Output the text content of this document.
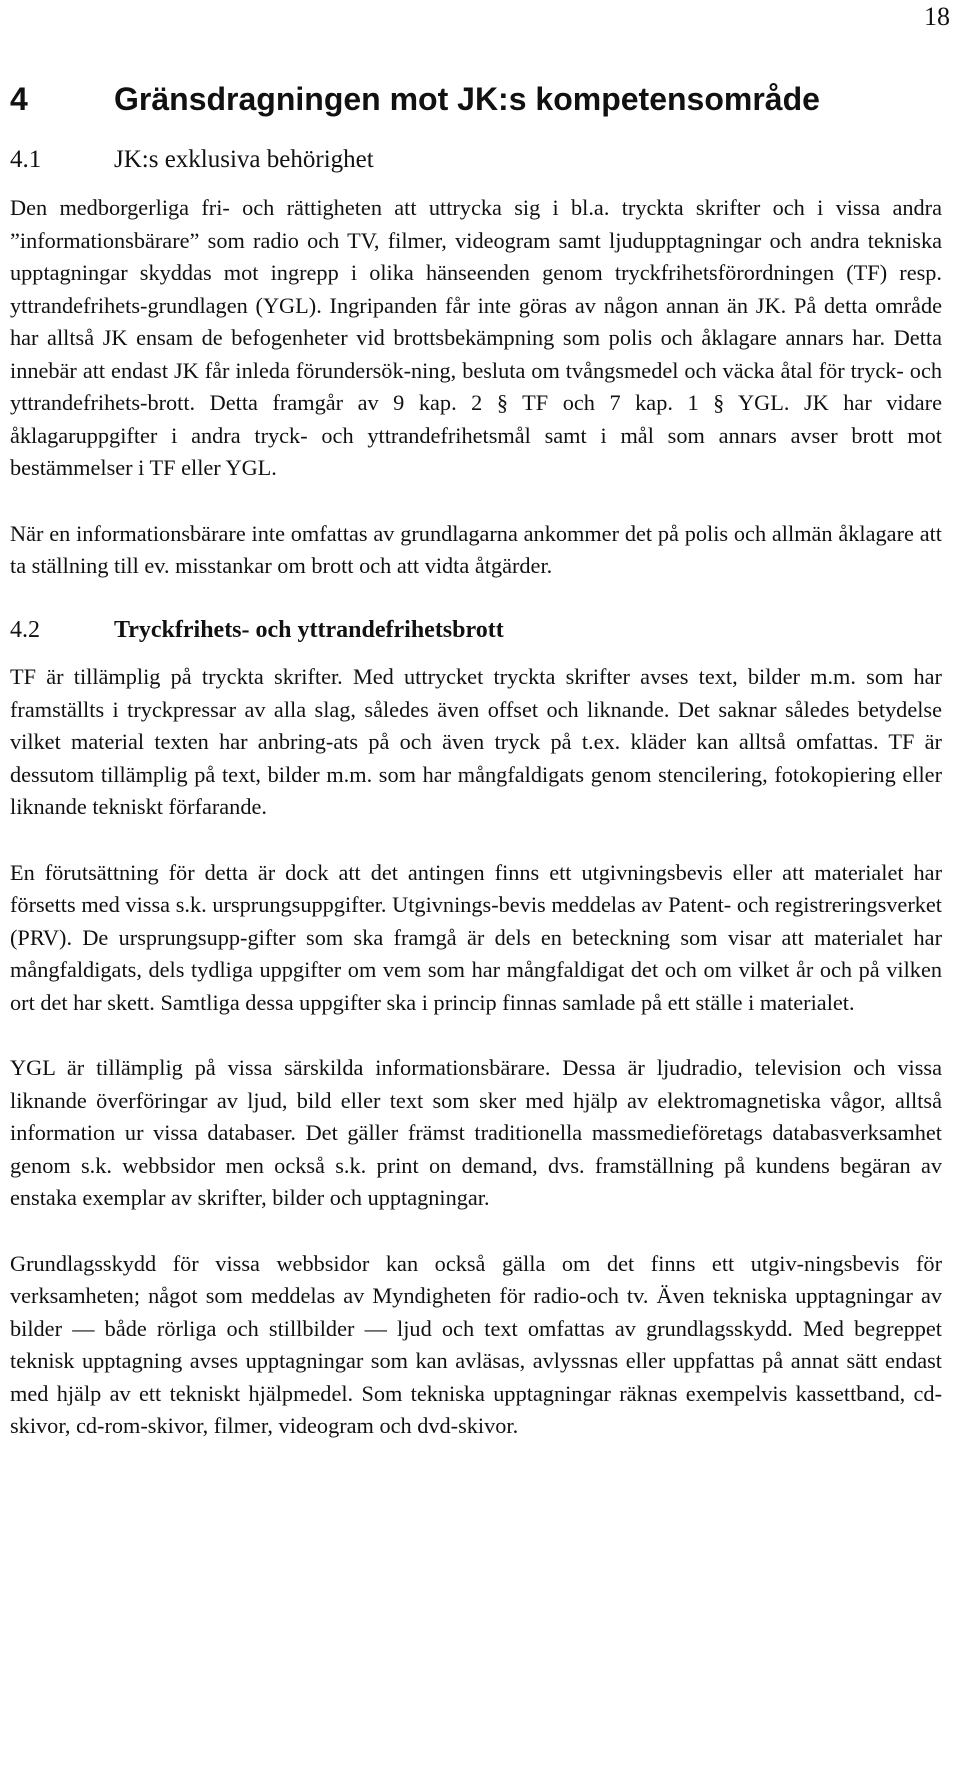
18
4	Gränsdragningen mot JK:s kompetensområde
4.1	JK:s exklusiva behörighet

Den medborgerliga fri- och rättigheten att uttrycka sig i bl.a. tryckta skrifter och i vissa andra ”informationsbärare” som radio och TV, filmer, videogram samt ljudupptagningar och andra tekniska upptagningar skyddas mot ingrepp i olika hänseenden genom tryckfrihetsförordningen (TF) resp. yttrandefrihets-grundlagen (YGL). Ingripanden får inte göras av någon annan än JK. På detta område har alltså JK ensam de befogenheter vid brottsbekämpning som polis och åklagare annars har. Detta innebär att endast JK får inleda förundersök-ning, besluta om tvångsmedel och väcka åtal för tryck- och yttrandefrihets-brott. Detta framgår av 9 kap. 2 § TF och 7 kap. 1 § YGL. JK har vidare åklagaruppgifter i andra tryck- och yttrandefrihetsmål samt i mål som annars avser brott mot bestämmelser i TF eller YGL.

När en informationsbärare inte omfattas av grundlagarna ankommer det på polis och allmän åklagare att ta ställning till ev. misstankar om brott och att vidta åtgärder.

4.2	Tryckfrihets- och yttrandefrihetsbrott

TF är tillämplig på tryckta skrifter. Med uttrycket tryckta skrifter avses text, bilder m.m. som har framställts i tryckpressar av alla slag, således även offset och liknande. Det saknar således betydelse vilket material texten har anbring-ats på och även tryck på t.ex. kläder kan alltså omfattas. TF är dessutom tillämplig på text, bilder m.m. som har mångfaldigats genom stencilering, fotokopiering eller liknande tekniskt förfarande.

En förutsättning för detta är dock att det antingen finns ett utgivningsbevis eller att materialet har försetts med vissa s.k. ursprungsuppgifter. Utgivnings-bevis meddelas av Patent- och registreringsverket (PRV). De ursprungsupp-gifter som ska framgå är dels en beteckning som visar att materialet har mångfaldigats, dels tydliga uppgifter om vem som har mångfaldigat det och om vilket år och på vilken ort det har skett. Samtliga dessa uppgifter ska i princip finnas samlade på ett ställe i materialet.

YGL är tillämplig på vissa särskilda informationsbärare. Dessa är ljudradio, television och vissa liknande överföringar av ljud, bild eller text som sker med hjälp av elektromagnetiska vågor, alltså information ur vissa databaser. Det gäller främst traditionella massmedieföretags databasverksamhet genom s.k. webbsidor men också s.k. print on demand, dvs. framställning på kundens begäran av enstaka exemplar av skrifter, bilder och upptagningar.

Grundlagsskydd för vissa webbsidor kan också gälla om det finns ett utgiv-ningsbevis för verksamheten; något som meddelas av Myndigheten för radio-och tv. Även tekniska upptagningar av bilder — både rörliga och stillbilder — ljud och text omfattas av grundlagsskydd. Med begreppet teknisk upptagning avses upptagningar som kan avläsas, avlyssnas eller uppfattas på annat sätt endast med hjälp av ett tekniskt hjälpmedel. Som tekniska upptagningar räknas exempelvis kassettband, cd-skivor, cd-rom-skivor, filmer, videogram och dvd-skivor.
